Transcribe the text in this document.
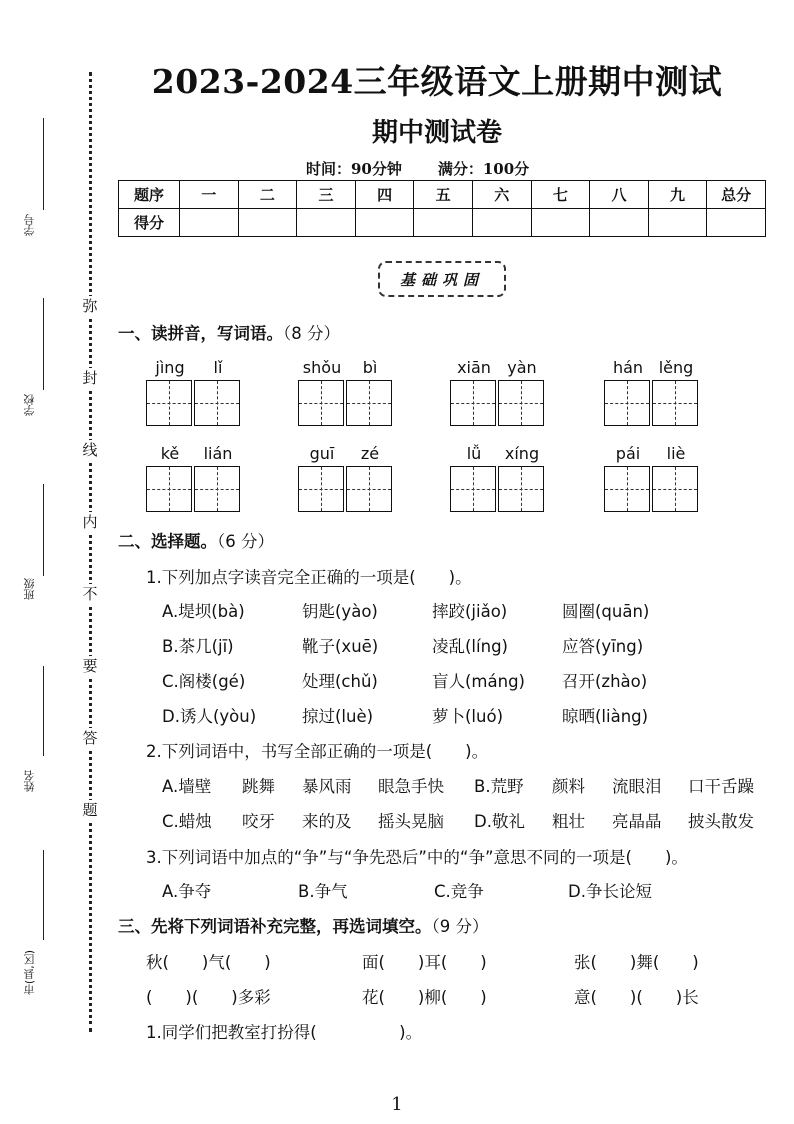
弥
封
线
内
不
要
答
题
学号
学校
班级
姓名
市(县,区)
2023-2024三年级语文上册期中测试
期中测试卷
时间：90分钟 满分：100分
题序	一	二	三	四	五	六	七	八	九	总分
得分										
基础巩固
一、读拼音，写词语。（8 分）
jìng	lǐ	shǒu	bì	xiān	yàn	hán lěng
kě	lián	guī	zé	lǚ	xíng	pái	liè
二、选择题。（6 分）
1.下列加点字读音完全正确的一项是(　　)。
A.堤坝(bà)	钥匙(yào)	摔跤(jiǎo)	圆圈(quān)
B.茶几(jī)	靴子(xuē)	凌乱(líng)	应答(yīng)
C.阁楼(gé)	处理(chǔ)	盲人(máng) 召开(zhào)
D.诱人(yòu)	掠过(luè)	萝卜(luó)	晾晒(liàng)
2.下列词语中，书写全部正确的一项是(　　)。
A.墙壁 跳舞 暴风雨 眼急手快 B.荒野 颜料 流眼泪 口干舌躁
C.蜡烛 咬牙 来的及 摇头晃脑 D.敬礼 粗壮 亮晶晶 披头散发
3.下列词语中加点的“争”与“争先恐后”中的“争”意思不同的一项是(　　)。
A.争夺	B.争气	C.竞争	D.争长论短
三、先将下列词语补充完整，再选词填空。（9 分）
秋(　　)气(　　)	面(　　)耳(　　)	张(　　)舞(　　)
(　　)(　　)多彩	花(　　)柳(　　)	意(　　)(　　)长
1.同学们把教室打扮得(　　　　　)。
1
